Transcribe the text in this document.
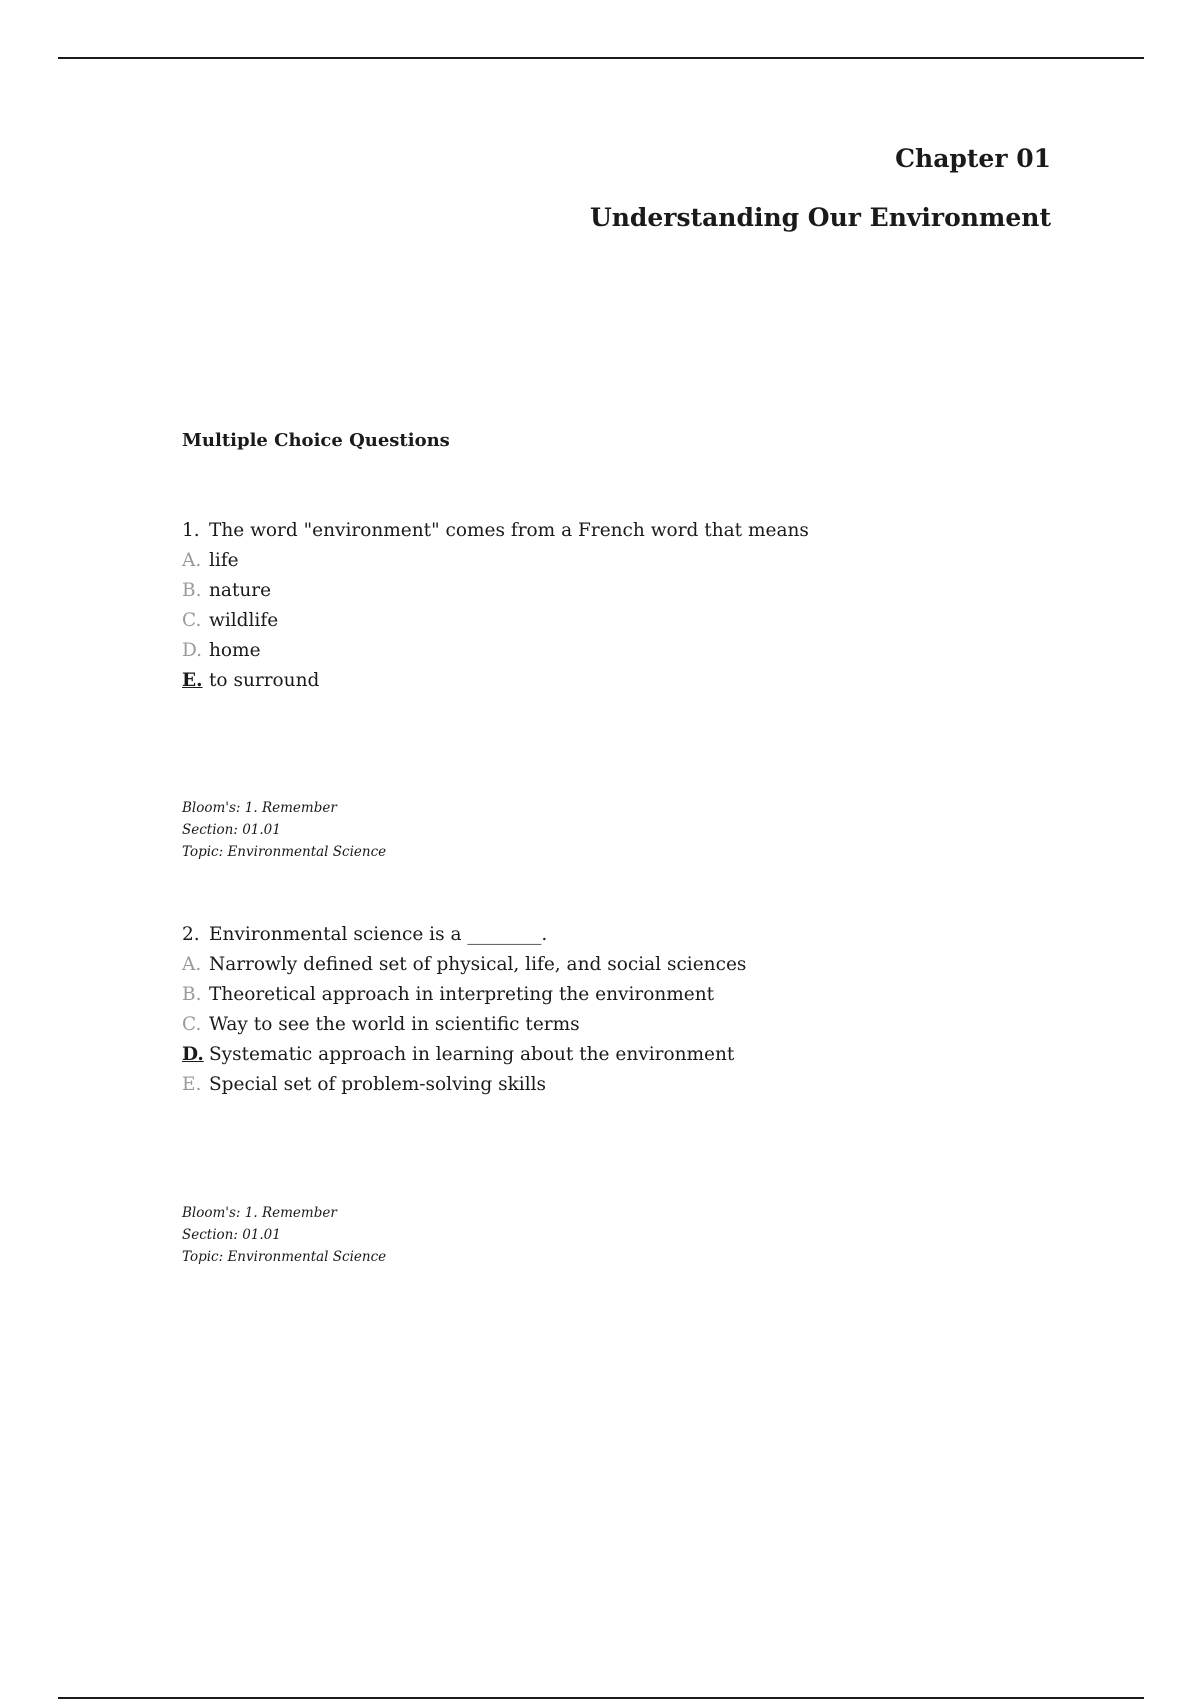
Chapter 01
Understanding Our Environment
Multiple Choice Questions
1. The word "environment" comes from a French word that means
A. life
B. nature
C. wildlife
D. home
E. to surround
Bloom's: 1. Remember
Section: 01.01
Topic: Environmental Science
2. Environmental science is a ________.
A. Narrowly defined set of physical, life, and social sciences
B. Theoretical approach in interpreting the environment
C. Way to see the world in scientific terms
D. Systematic approach in learning about the environment
E. Special set of problem-solving skills
Bloom's: 1. Remember
Section: 01.01
Topic: Environmental Science
